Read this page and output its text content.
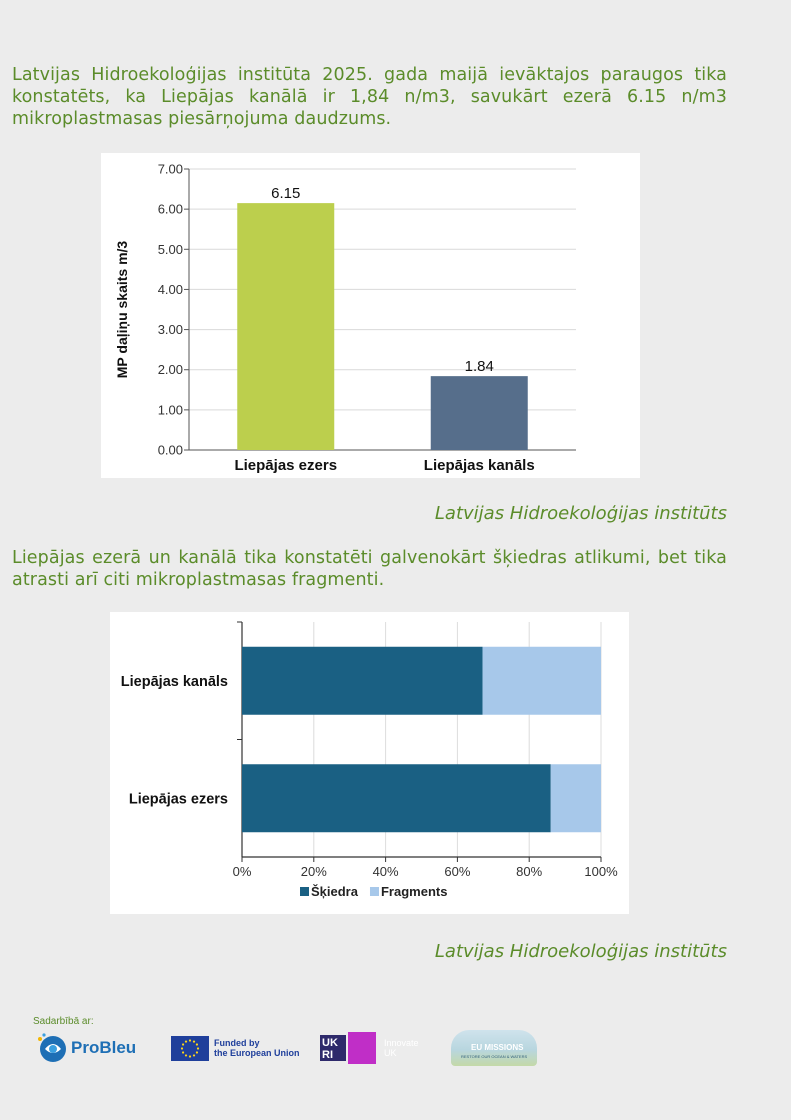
Latvijas Hidroekoloģijas institūta 2025. gada maijā ievāktajos paraugos tika konstatēts, ka Liepājas kanālā ir 1,84 n/m3, savukārt ezerā 6.15 n/m3 mikroplastmasas piesārņojuma daudzums.

0.00
1.00
2.00
3.00
4.00
5.00
6.00
7.00
6.15
Liepājas ezers
1.84
Liepājas kanāls
MP daļiņu skaits m/3

Latvijas Hidroekoloģijas institūts

Liepājas ezerā un kanālā tika konstatēti galvenokārt šķiedras atlikumi, bet tika atrasti arī citi mikroplastmasas fragmenti.

0%	20%	40%	60%	80%	100%
Liepājas kanāls
Liepājas ezers
Šķiedra Fragments

Latvijas Hidroekoloģijas institūts

Sadarbībā ar:
ProBleu	Funded by
the European Union
UK
RI
Innovate
UK
EU MISSIONS
RESTORE OUR OCEAN & WATERS
